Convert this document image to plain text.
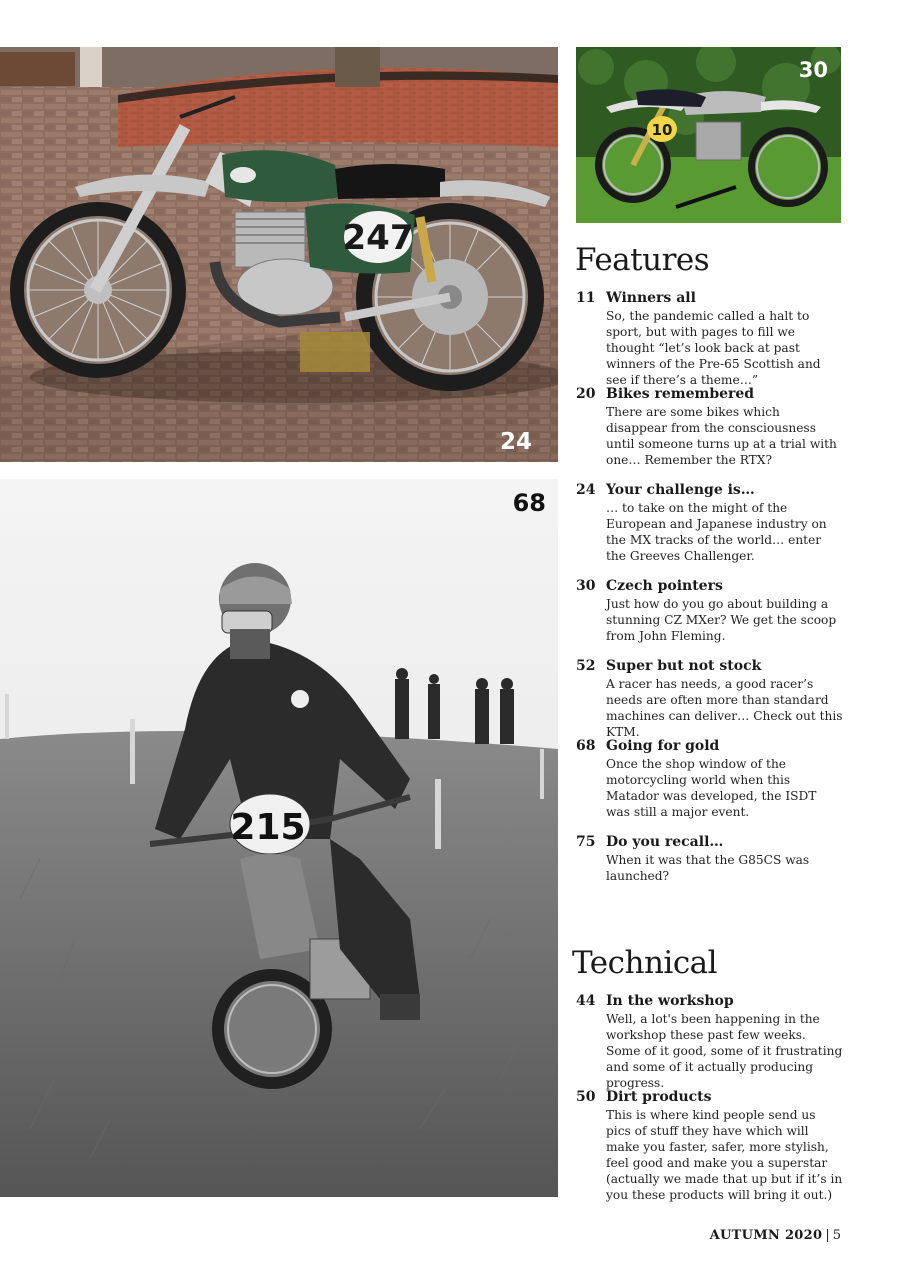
247
24
10
30
215
68
Features
11 Winners all
So, the pandemic called a halt to sport, but with pages to fill we thought “let’s look back at past winners of the Pre-65 Scottish and see if there’s a theme…”
20 Bikes remembered
There are some bikes which disappear from the consciousness until someone turns up at a trial with one… Remember the RTX?
24 Your challenge is…
… to take on the might of the European and Japanese industry on the MX tracks of the world… enter the Greeves Challenger.
30 Czech pointers
Just how do you go about building a stunning CZ MXer? We get the scoop from John Fleming.
52 Super but not stock
A racer has needs, a good racer’s needs are often more than standard machines can deliver… Check out this KTM.
68 Going for gold
Once the shop window of the motorcycling world when this Matador was developed, the ISDT was still a major event.
75 Do you recall…
When it was that the G85CS was launched?
Technical
44 In the workshop
Well, a lot's been happening in the workshop these past few weeks. Some of it good, some of it frustrating and some of it actually producing progress.
50 Dirt products
This is where kind people send us pics of stuff they have which will make you faster, safer, more stylish, feel good and make you a superstar (actually we made that up but if it’s in you these products will bring it out.)
AUTUMN 2020 | 5
